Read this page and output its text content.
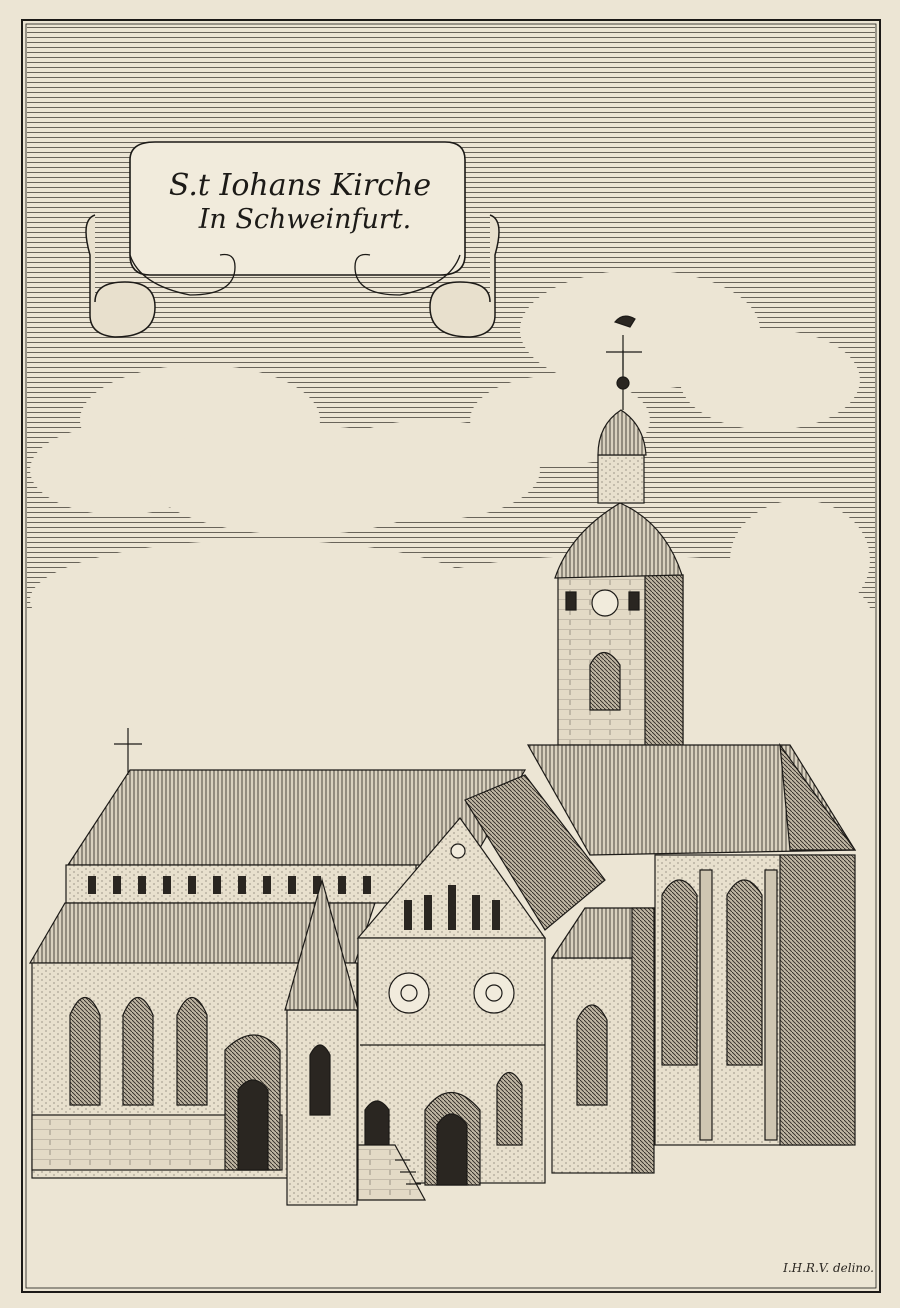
S.t Iohans Kirche
In Schweinfurt.
I.H.R.V. delino.
